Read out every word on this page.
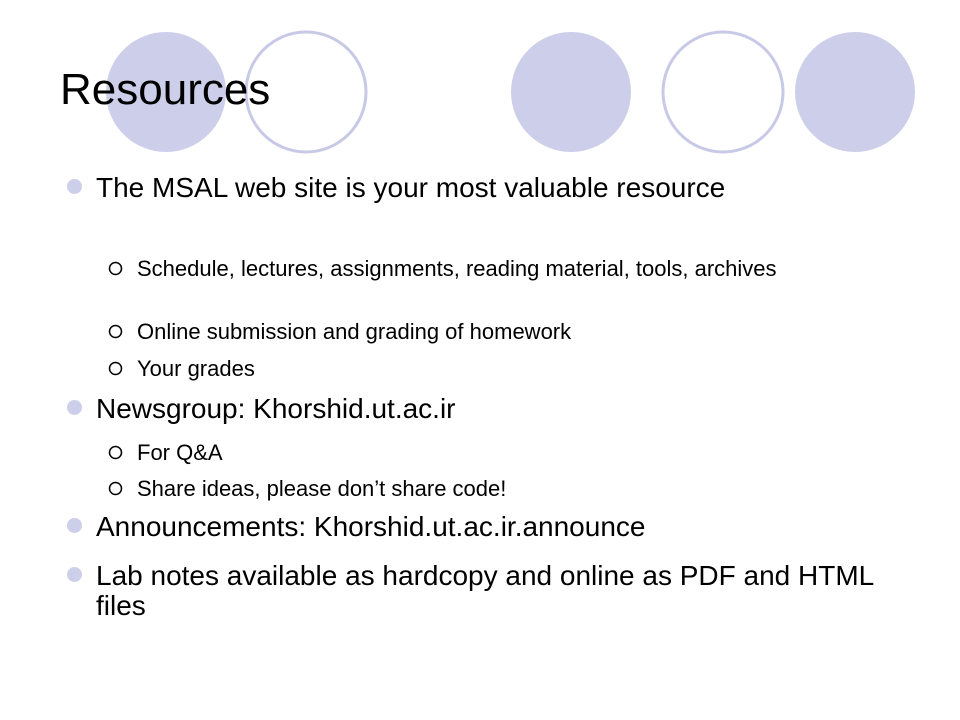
Resources
The MSAL web site is your most valuable resource
Schedule, lectures, assignments, reading material, tools, archives
Online submission and grading of homework
Your grades
Newsgroup: Khorshid.ut.ac.ir
For Q&A
Share ideas, please don’t share code!
Announcements: Khorshid.ut.ac.ir.announce
Lab notes available as hardcopy and online as PDF and HTML files
